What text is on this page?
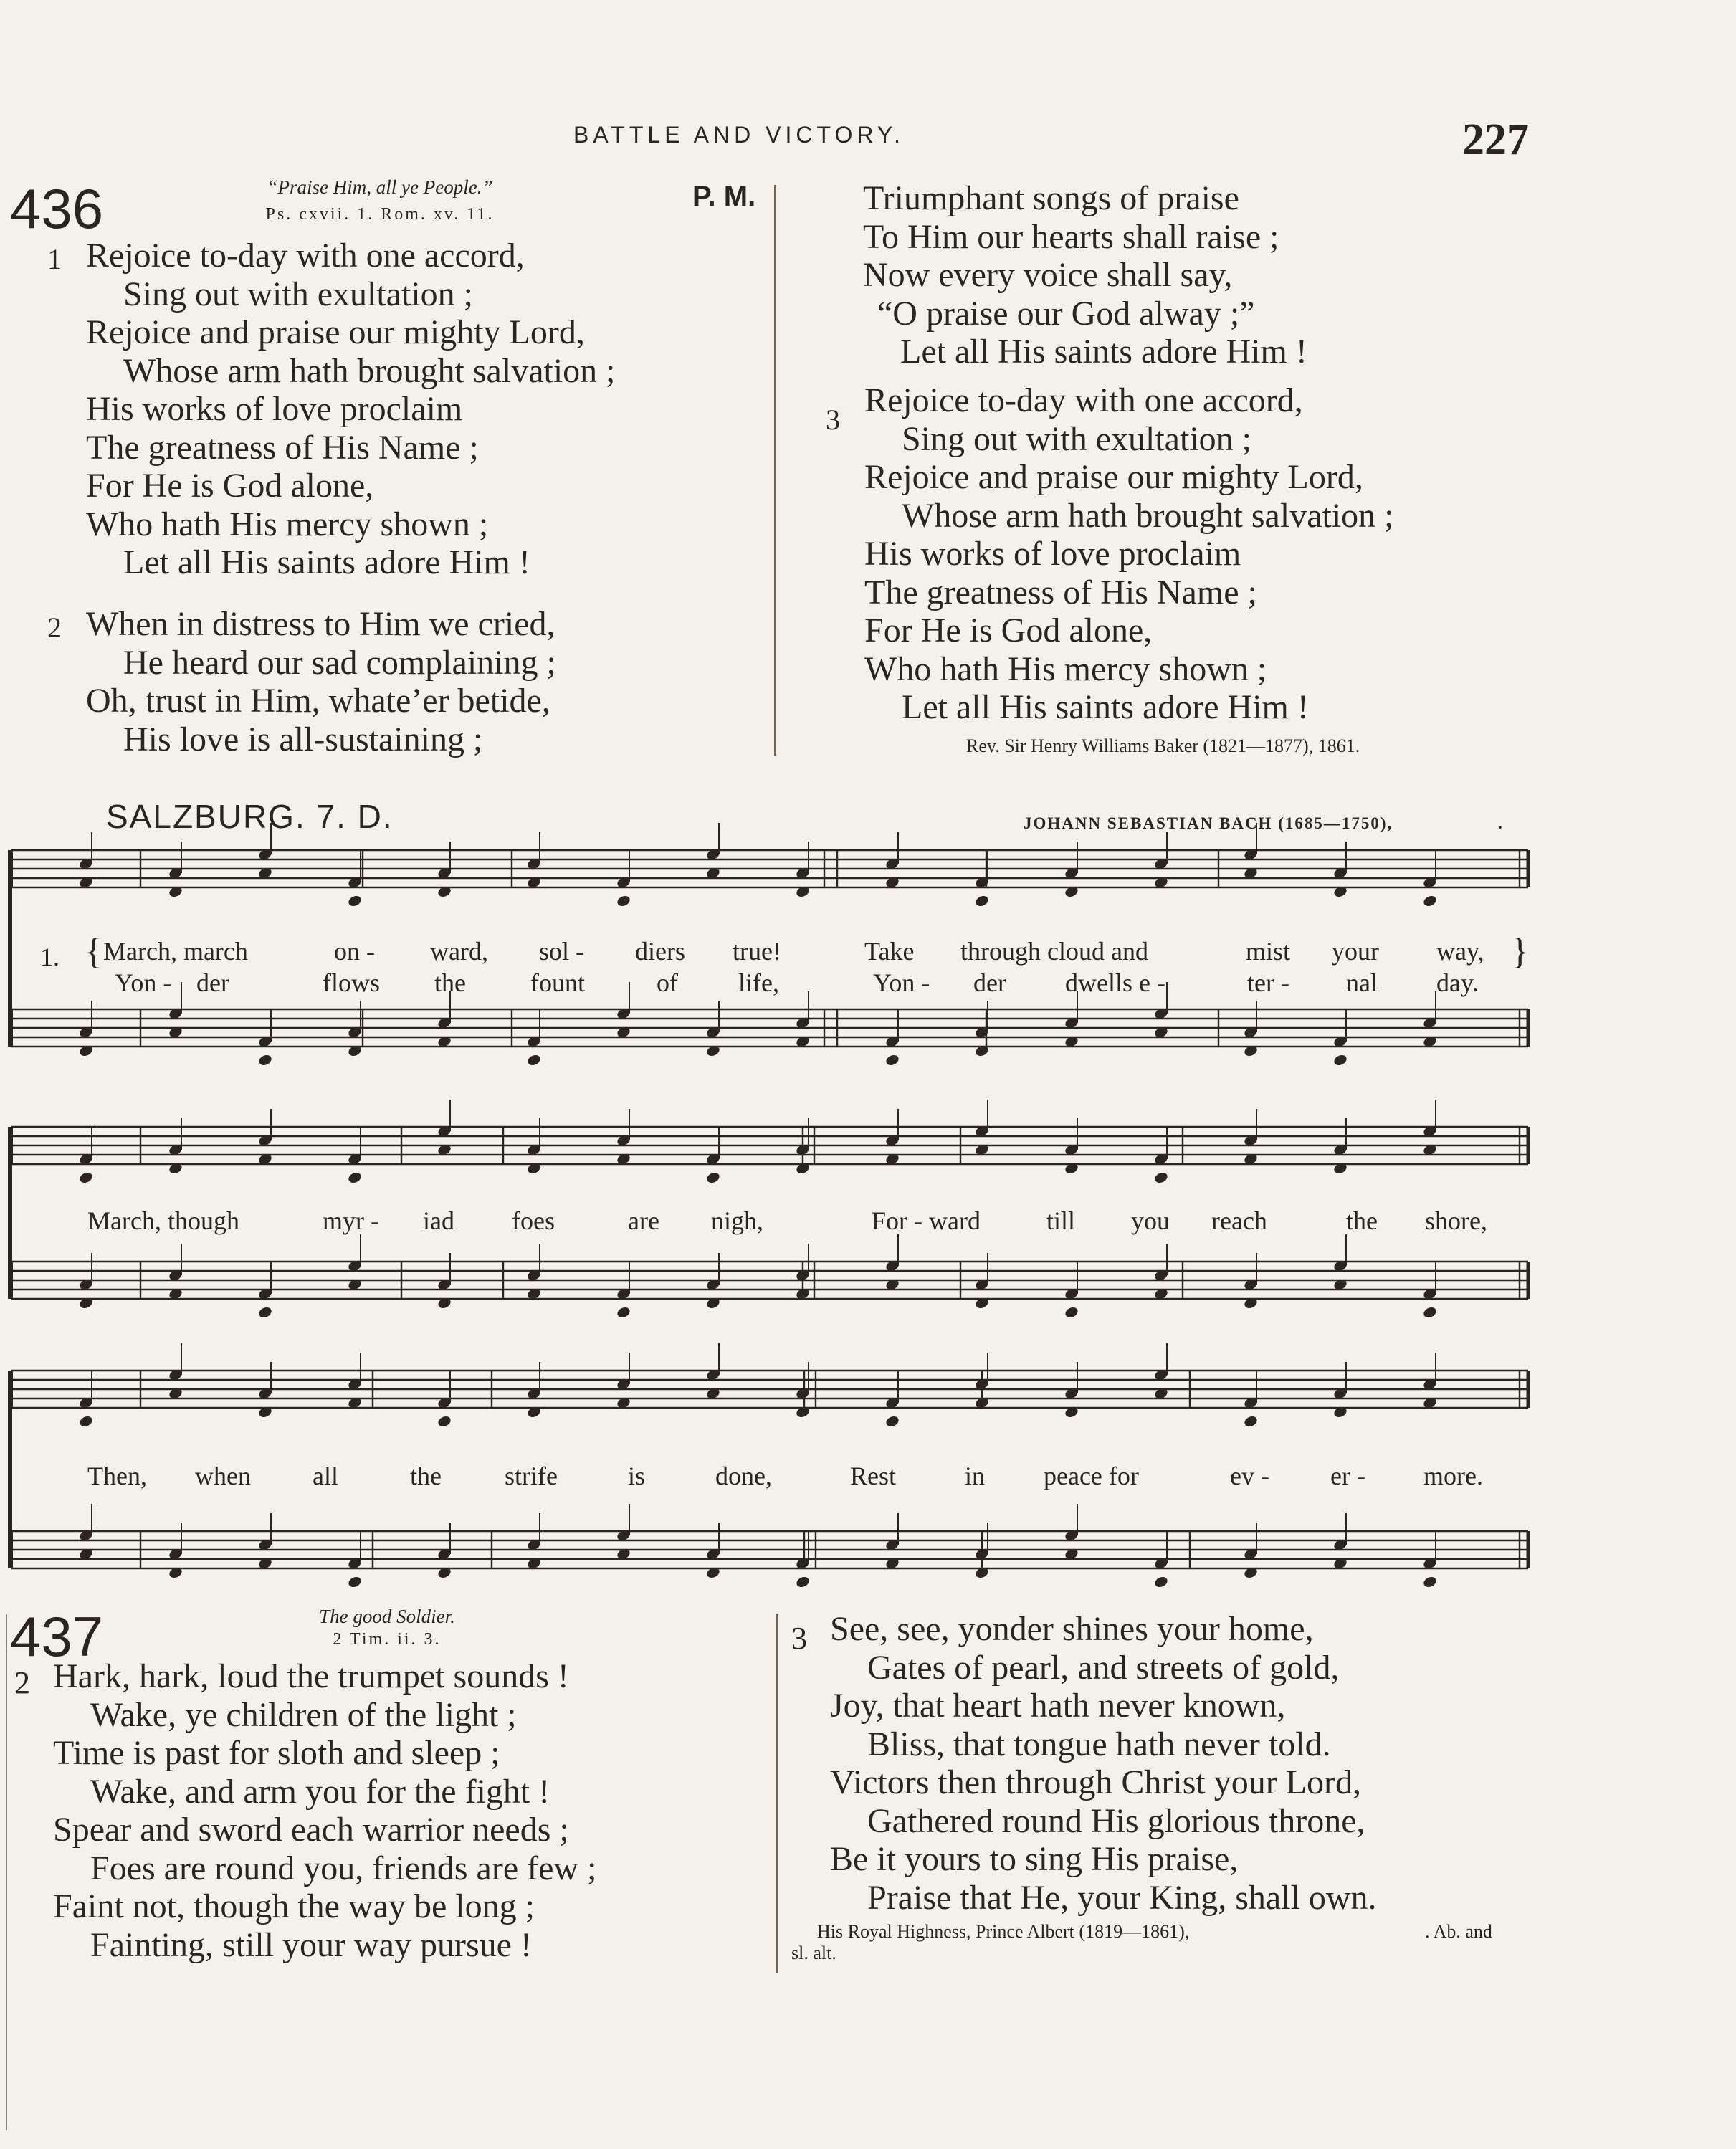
BATTLE AND VICTORY.	227
436	“Praise Him, all ye People.”
Ps. cxvii. 1. Rom. xv. 11.
P. M.
1 Rejoice to-day with one accord,
Sing out with exultation ;
Rejoice and praise our mighty Lord,
Whose arm hath brought salvation ;
His works of love proclaim
The greatness of His Name ;
For He is God alone,
Who hath His mercy shown ;
Let all His saints adore Him !
2 When in distress to Him we cried,
He heard our sad complaining ;
Oh, trust in Him, whate’er betide,
His love is all-sustaining ;
Triumphant songs of praise
To Him our hearts shall raise ;
Now every voice shall say,
“O praise our God alway ;”
Let all His saints adore Him !
3
Rejoice to-day with one accord,
Sing out with exultation ;
Rejoice and praise our mighty Lord,
Whose arm hath brought salvation ;
His works of love proclaim
The greatness of His Name ;
For He is God alone,
Who hath His mercy shown ;
Let all His saints adore Him !
Rev. Sir Henry Williams Baker (1821—1877), 1861.
SALZBURG. 7. D.	JOHANN SEBASTIAN BACH (1685—1750),	.
1. {	}
March, march	on - ward, sol - diers true!	Take through cloud and	mist your way,
Yon - der	flows the	fount	of life,	Yon - der dwells e -	ter - nal day.
March, though	myr - iad foes	are nigh,	For - ward	till you reach	the shore,
Then, when all	the strife	is	done,	Rest	in peace for	ev - er - more.
437	The good Soldier.
2 Tim. ii. 3.
2 Hark, hark, loud the trumpet sounds !
Wake, ye children of the light ;
Time is past for sloth and sleep ;
Wake, and arm you for the fight !
Spear and sword each warrior needs ;
Foes are round you, friends are few ;
Faint not, though the way be long ;
Fainting, still your way pursue !
3 See, see, yonder shines your home,
Gates of pearl, and streets of gold,
Joy, that heart hath never known,
Bliss, that tongue hath never told.
Victors then through Christ your Lord,
Gathered round His glorious throne,
Be it yours to sing His praise,
Praise that He, your King, shall own.
His Royal Highness, Prince Albert (1819—1861),	. Ab. and
sl. alt.
